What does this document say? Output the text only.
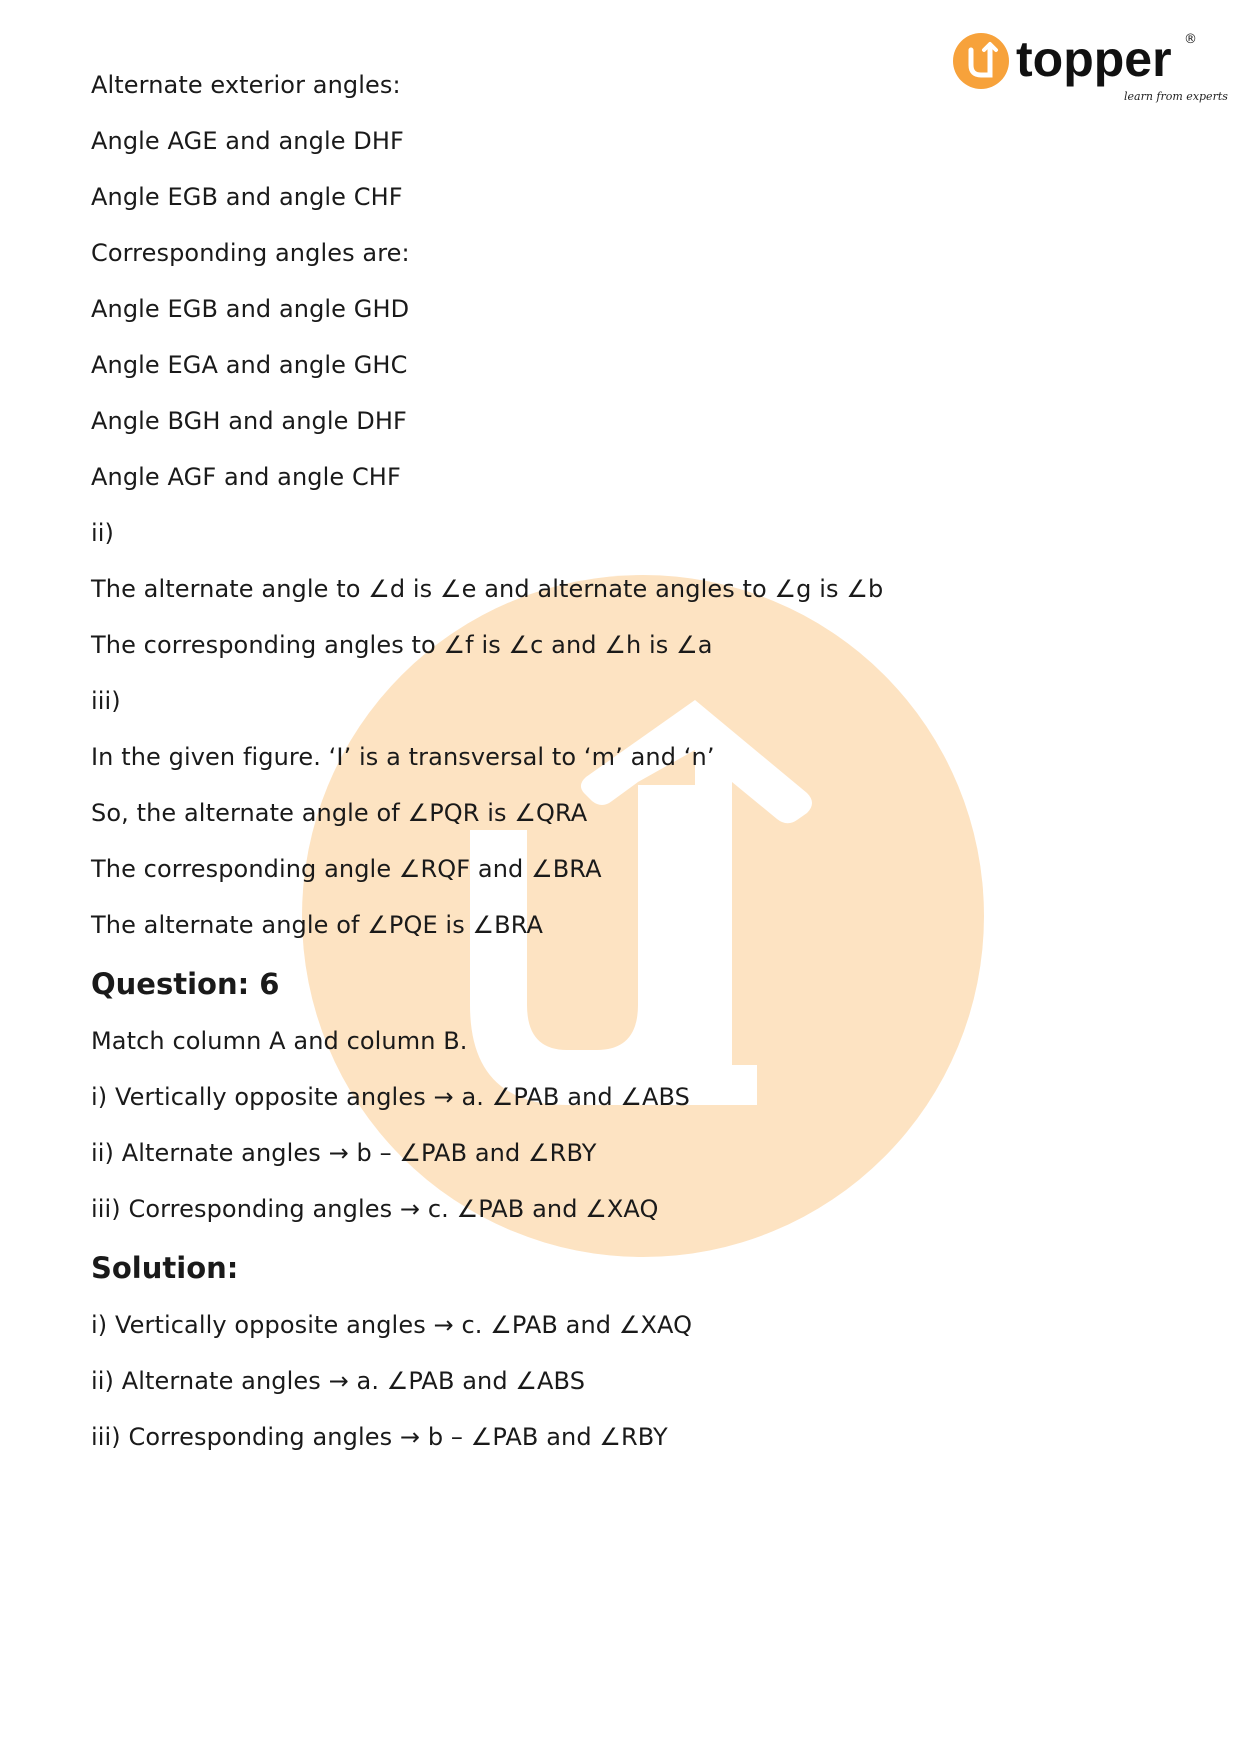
topper
learn from experts
®
Alternate exterior angles:
Angle AGE and angle DHF
Angle EGB and angle CHF
Corresponding angles are:
Angle EGB and angle GHD
Angle EGA and angle GHC
Angle BGH and angle DHF
Angle AGF and angle CHF
ii)
The alternate angle to ∠d is ∠e and alternate angles to ∠g is ∠b
The corresponding angles to ∠f is ∠c and ∠h is ∠a
iii)
In the given figure. ‘I’ is a transversal to ‘m’ and ‘n’
So, the alternate angle of ∠PQR is ∠QRA
The corresponding angle ∠RQF and ∠BRA
The alternate angle of ∠PQE is ∠BRA
Question: 6
Match column A and column B.
i) Vertically opposite angles → a. ∠PAB and ∠ABS
ii) Alternate angles → b – ∠PAB and ∠RBY
iii) Corresponding angles → c. ∠PAB and ∠XAQ
Solution:
i) Vertically opposite angles → c. ∠PAB and ∠XAQ
ii) Alternate angles → a. ∠PAB and ∠ABS
iii) Corresponding angles → b – ∠PAB and ∠RBY
